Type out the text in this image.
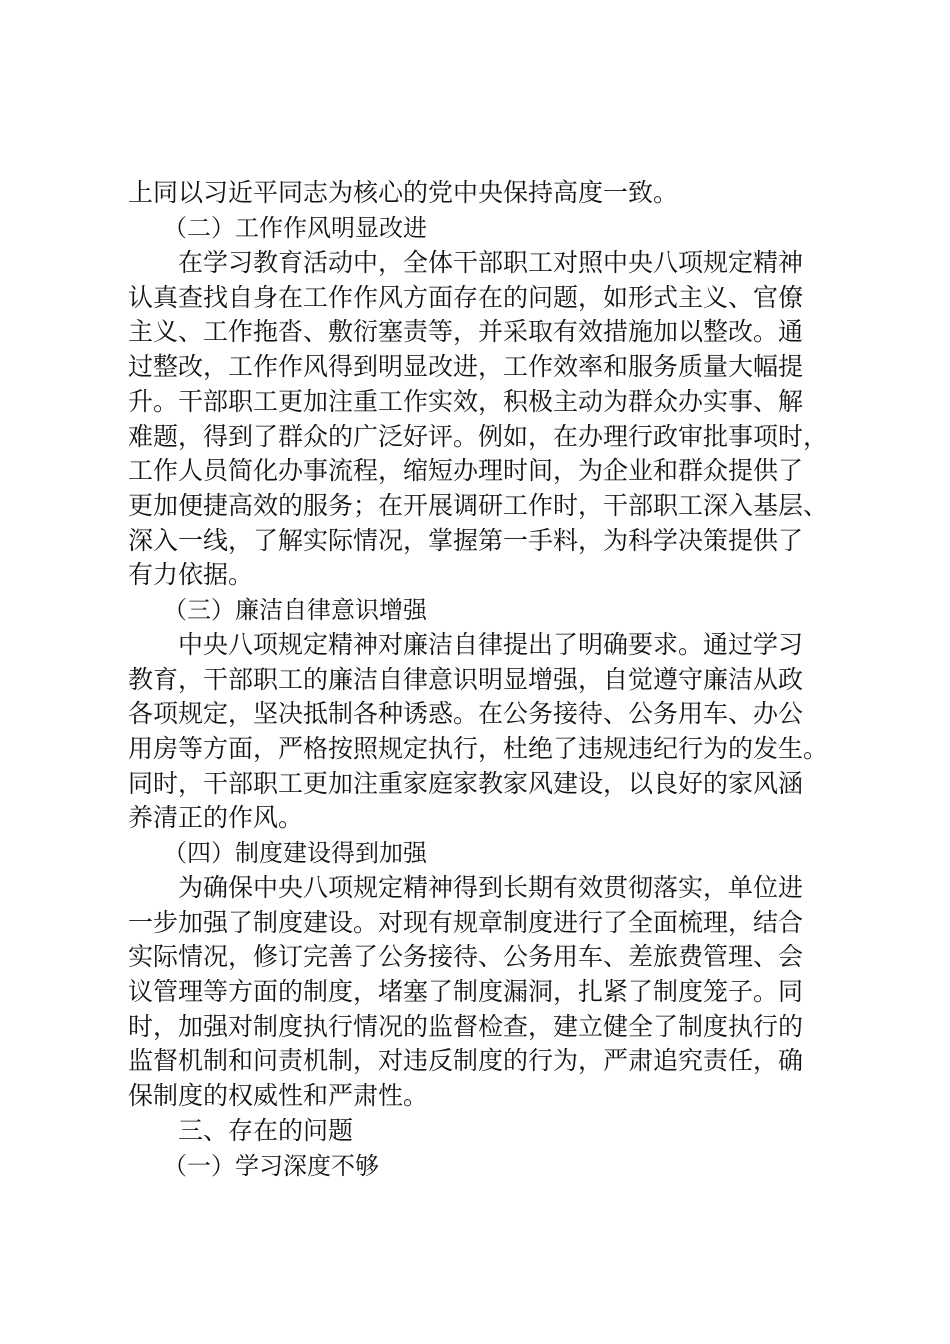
上同以习近平同志为核心的党中央保持高度一致。
（二）工作作风明显改进
在学习教育活动中，全体干部职工对照中央八项规定精神
认真查找自身在工作作风方面存在的问题，如形式主义、官僚
主义、工作拖沓、敷衍塞责等，并采取有效措施加以整改。通
过整改，工作作风得到明显改进，工作效率和服务质量大幅提
升。干部职工更加注重工作实效，积极主动为群众办实事、解
难题，得到了群众的广泛好评。例如，在办理行政审批事项时，
工作人员简化办事流程，缩短办理时间，为企业和群众提供了
更加便捷高效的服务；在开展调研工作时，干部职工深入基层、
深入一线，了解实际情况，掌握第一手料，为科学决策提供了
有力依据。
（三）廉洁自律意识增强
中央八项规定精神对廉洁自律提出了明确要求。通过学习
教育，干部职工的廉洁自律意识明显增强，自觉遵守廉洁从政
各项规定，坚决抵制各种诱惑。在公务接待、公务用车、办公
用房等方面，严格按照规定执行，杜绝了违规违纪行为的发生。
同时，干部职工更加注重家庭家教家风建设，以良好的家风涵
养清正的作风。
（四）制度建设得到加强
为确保中央八项规定精神得到长期有效贯彻落实，单位进
一步加强了制度建设。对现有规章制度进行了全面梳理，结合
实际情况，修订完善了公务接待、公务用车、差旅费管理、会
议管理等方面的制度，堵塞了制度漏洞，扎紧了制度笼子。同
时，加强对制度执行情况的监督检查，建立健全了制度执行的
监督机制和问责机制，对违反制度的行为，严肃追究责任，确
保制度的权威性和严肃性。
三、存在的问题
（一）学习深度不够
